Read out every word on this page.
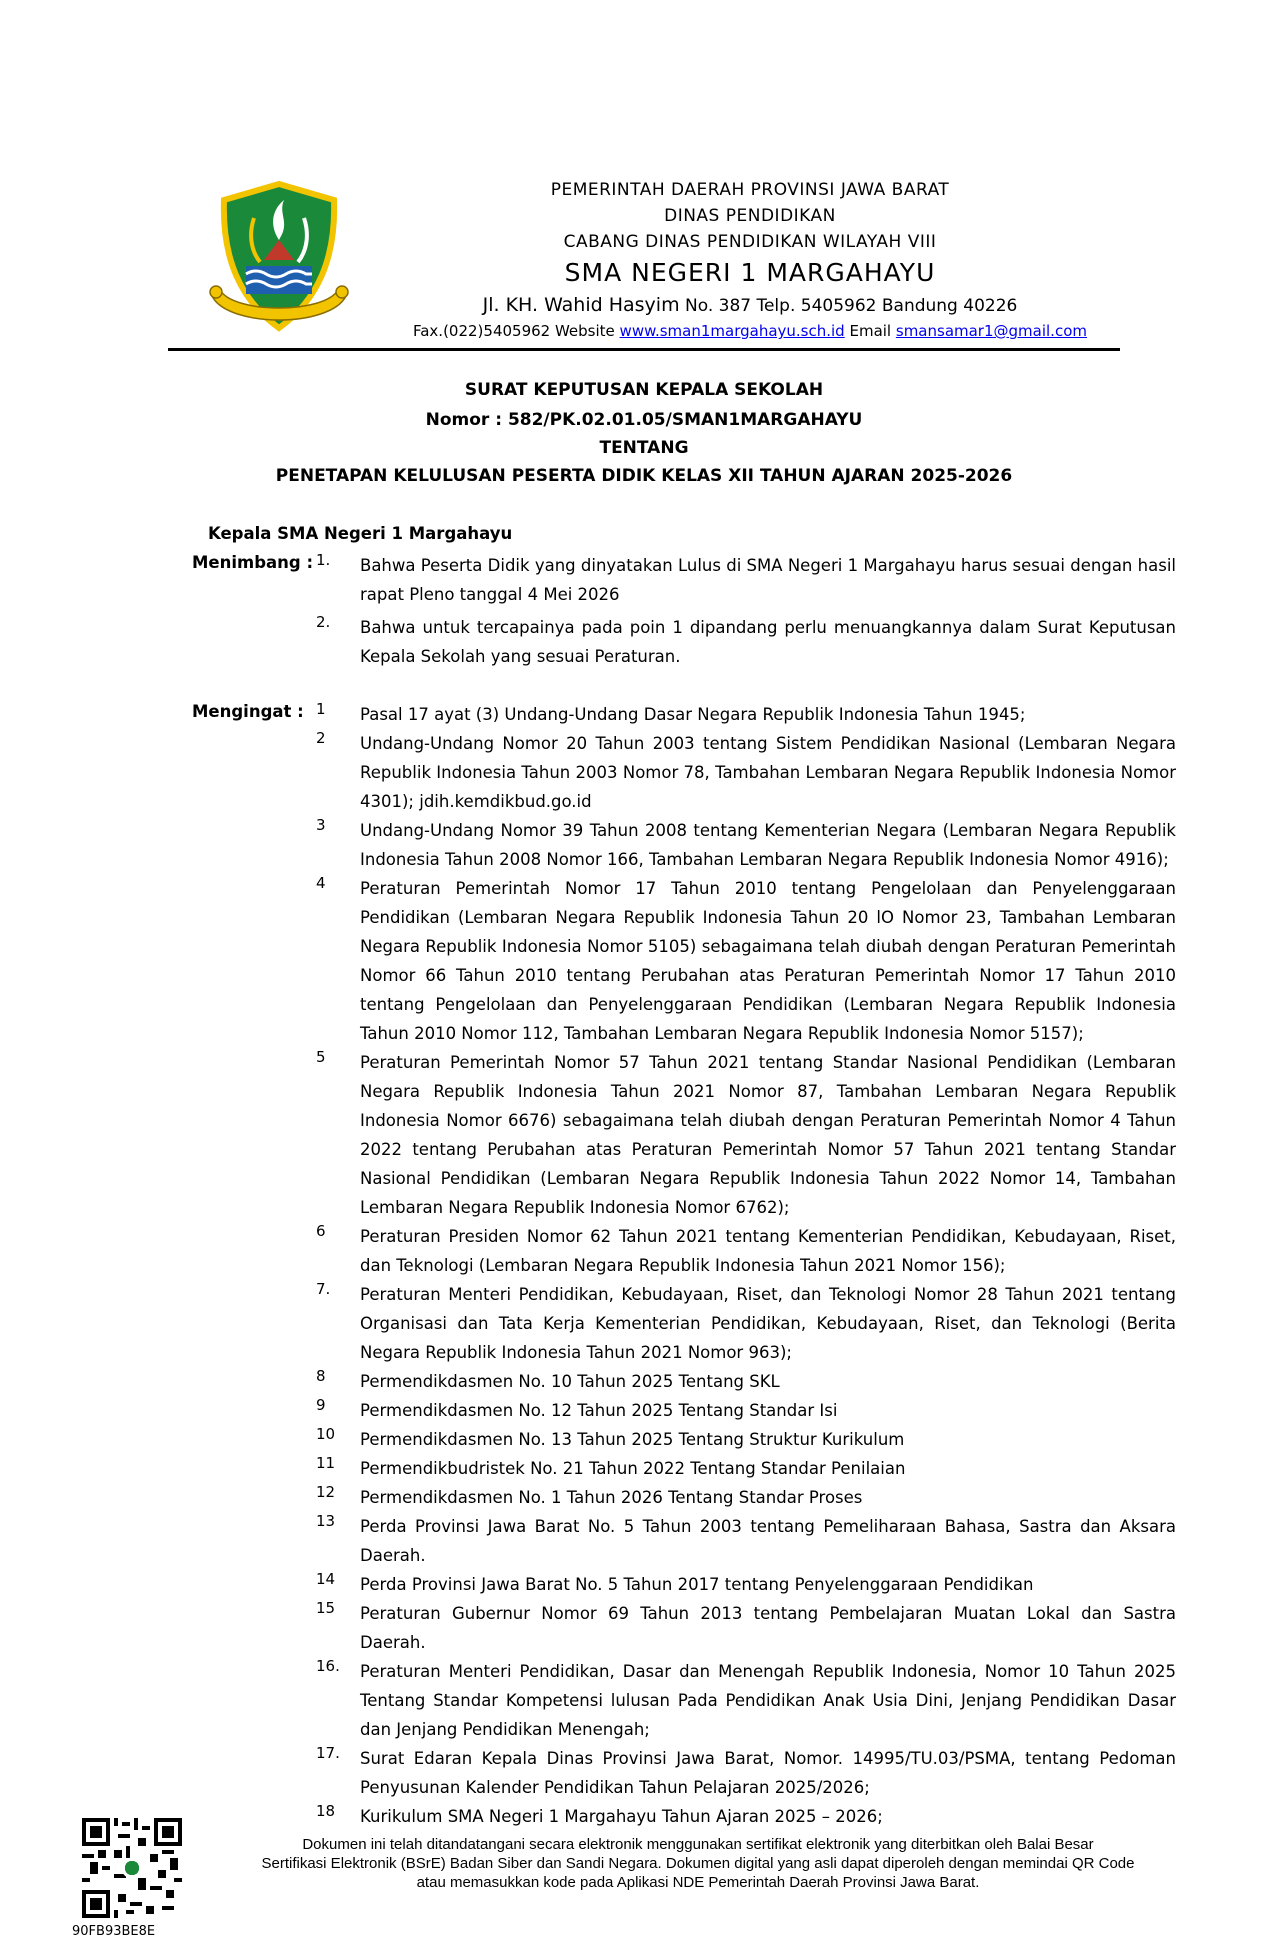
PEMERINTAH DAERAH PROVINSI JAWA BARAT
DINAS PENDIDIKAN
CABANG DINAS PENDIDIKAN WILAYAH VIII
SMA NEGERI 1 MARGAHAYU
Jl. KH. Wahid Hasyim No. 387 Telp. 5405962 Bandung 40226
Fax.(022)5405962 Website www.sman1margahayu.sch.id Email smansamar1@gmail.com
SURAT KEPUTUSAN KEPALA SEKOLAH
Nomor : 582/PK.02.01.05/SMAN1MARGAHAYU
TENTANG
PENETAPAN KELULUSAN PESERTA DIDIK KELAS XII TAHUN AJARAN 2025-2026
Kepala SMA Negeri 1 Margahayu
Menimbang : 1.	Bahwa Peserta Didik yang dinyatakan Lulus di SMA Negeri 1 Margahayu harus sesuai dengan hasil rapat Pleno tanggal 4 Mei 2026
2.	Bahwa untuk tercapainya pada poin 1 dipandang perlu menuangkannya dalam Surat Keputusan Kepala Sekolah yang sesuai Peraturan.
Mengingat : 1	Pasal 17 ayat (3) Undang-Undang Dasar Negara Republik Indonesia Tahun 1945;
2	Undang-Undang Nomor 20 Tahun 2003 tentang Sistem Pendidikan Nasional (Lembaran Negara Republik Indonesia Tahun 2003 Nomor 78, Tambahan Lembaran Negara Republik Indonesia Nomor 4301); jdih.kemdikbud.go.id
3	Undang-Undang Nomor 39 Tahun 2008 tentang Kementerian Negara (Lembaran Negara Republik Indonesia Tahun 2008 Nomor 166, Tambahan Lembaran Negara Republik Indonesia Nomor 4916);
4	Peraturan Pemerintah Nomor 17 Tahun 2010 tentang Pengelolaan dan Penyelenggaraan Pendidikan (Lembaran Negara Republik Indonesia Tahun 20 lO Nomor 23, Tambahan Lembaran Negara Republik Indonesia Nomor 5105) sebagaimana telah diubah dengan Peraturan Pemerintah Nomor 66 Tahun 2010 tentang Perubahan atas Peraturan Pemerintah Nomor 17 Tahun 2010 tentang Pengelolaan dan Penyelenggaraan Pendidikan (Lembaran Negara Republik Indonesia Tahun 2010 Nomor 112, Tambahan Lembaran Negara Republik Indonesia Nomor 5157);
5	Peraturan Pemerintah Nomor 57 Tahun 2021 tentang Standar Nasional Pendidikan (Lembaran Negara Republik Indonesia Tahun 2021 Nomor 87, Tambahan Lembaran Negara Republik Indonesia Nomor 6676) sebagaimana telah diubah dengan Peraturan Pemerintah Nomor 4 Tahun 2022 tentang Perubahan atas Peraturan Pemerintah Nomor 57 Tahun 2021 tentang Standar Nasional Pendidikan (Lembaran Negara Republik Indonesia Tahun 2022 Nomor 14, Tambahan Lembaran Negara Republik Indonesia Nomor 6762);
6	Peraturan Presiden Nomor 62 Tahun 2021 tentang Kementerian Pendidikan, Kebudayaan, Riset, dan Teknologi (Lembaran Negara Republik Indonesia Tahun 2021 Nomor 156);
7.	Peraturan Menteri Pendidikan, Kebudayaan, Riset, dan Teknologi Nomor 28 Tahun 2021 tentang Organisasi dan Tata Kerja Kementerian Pendidikan, Kebudayaan, Riset, dan Teknologi (Berita Negara Republik Indonesia Tahun 2021 Nomor 963);
8	Permendikdasmen No. 10 Tahun 2025 Tentang SKL
9	Permendikdasmen No. 12 Tahun 2025 Tentang Standar Isi
10	Permendikdasmen No. 13 Tahun 2025 Tentang Struktur Kurikulum
11	Permendikbudristek No. 21 Tahun 2022 Tentang Standar Penilaian
12	Permendikdasmen No. 1 Tahun 2026 Tentang Standar Proses
13	Perda Provinsi Jawa Barat No. 5 Tahun 2003 tentang Pemeliharaan Bahasa, Sastra dan Aksara Daerah.
14	Perda Provinsi Jawa Barat No. 5 Tahun 2017 tentang Penyelenggaraan Pendidikan
15	Peraturan Gubernur Nomor 69 Tahun 2013 tentang Pembelajaran Muatan Lokal dan Sastra Daerah.
16.	Peraturan Menteri Pendidikan, Dasar dan Menengah Republik Indonesia, Nomor 10 Tahun 2025 Tentang Standar Kompetensi lulusan Pada Pendidikan Anak Usia Dini, Jenjang Pendidikan Dasar dan Jenjang Pendidikan Menengah;
17.	Surat Edaran Kepala Dinas Provinsi Jawa Barat, Nomor. 14995/TU.03/PSMA, tentang Pedoman Penyusunan Kalender Pendidikan Tahun Pelajaran 2025/2026;
18	Kurikulum SMA Negeri 1 Margahayu Tahun Ajaran 2025 – 2026;
90FB93BE8E
Dokumen ini telah ditandatangani secara elektronik menggunakan sertifikat elektronik yang diterbitkan oleh Balai Besar
Sertifikasi Elektronik (BSrE) Badan Siber dan Sandi Negara. Dokumen digital yang asli dapat diperoleh dengan memindai QR Code
atau memasukkan kode pada Aplikasi NDE Pemerintah Daerah Provinsi Jawa Barat.
